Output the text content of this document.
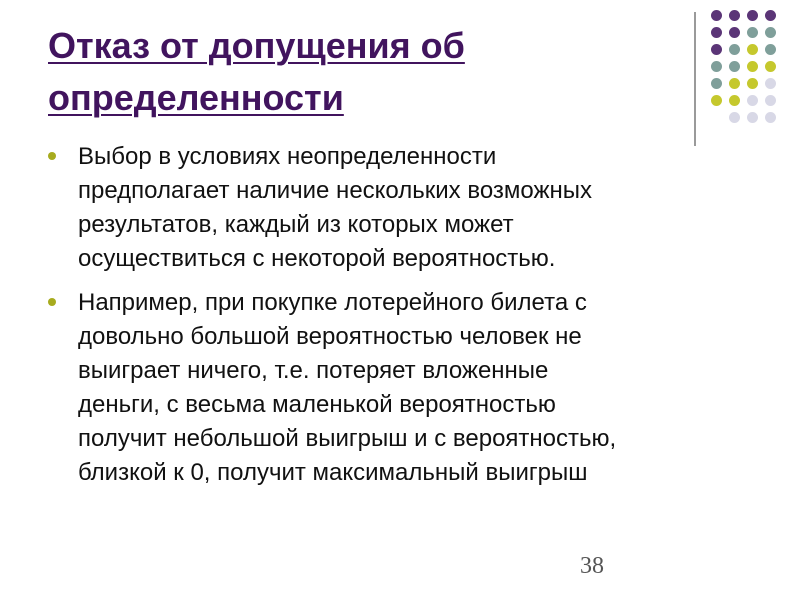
Отказ от допущения об
определенности
Выбор в условиях неопределенности
предполагает наличие нескольких возможных
результатов, каждый из которых может
осуществиться с некоторой вероятностью.
Например, при покупке лотерейного билета с
довольно большой вероятностью человек не
выиграет ничего, т.е. потеряет вложенные
деньги, с весьма маленькой вероятностью
получит небольшой выигрыш и с вероятностью,
близкой к 0, получит максимальный выигрыш
38
